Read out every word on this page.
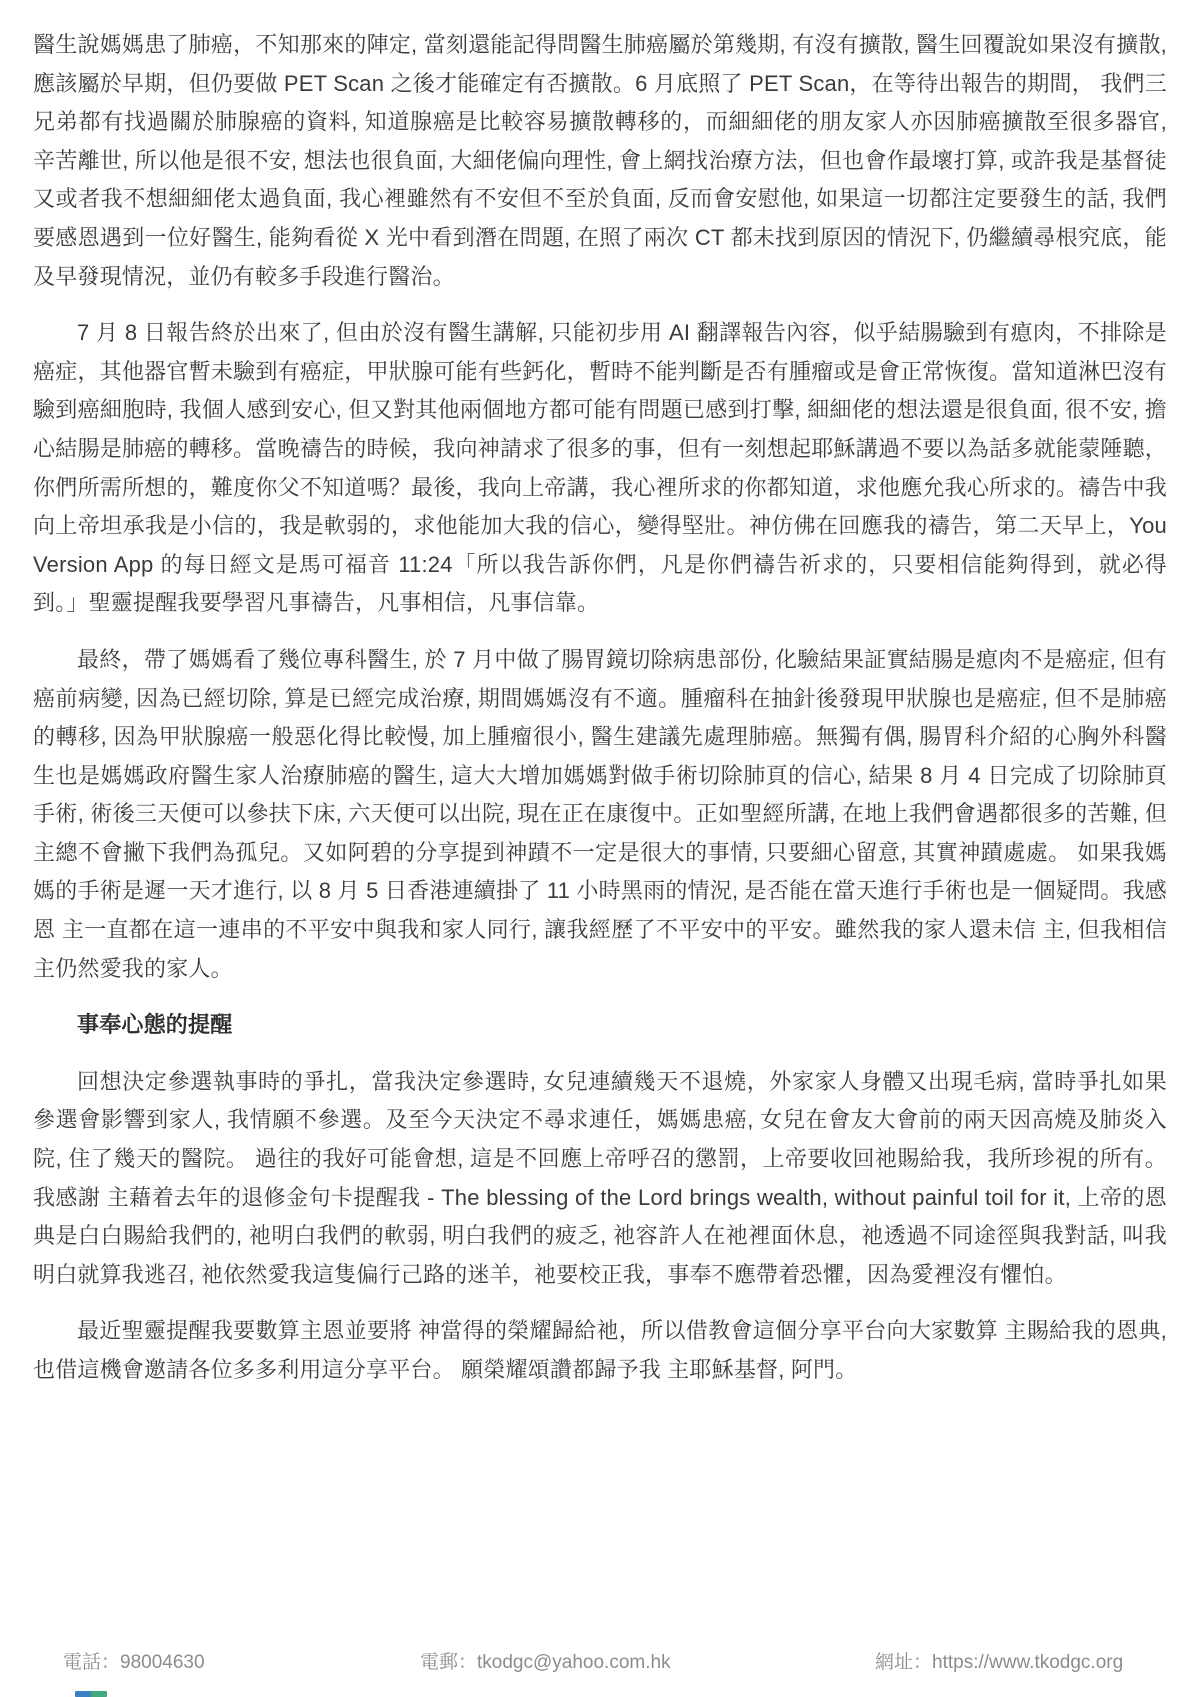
醫生說媽媽患了肺癌，不知那來的陣定, 當刻還能記得問醫生肺癌屬於第幾期, 有沒有擴散, 醫生回覆說如果沒有擴散, 應該屬於早期，但仍要做 PET Scan 之後才能確定有否擴散。6 月底照了 PET Scan，在等待出報告的期間， 我們三兄弟都有找過關於肺腺癌的資料, 知道腺癌是比較容易擴散轉移的，而細細佬的朋友家人亦因肺癌擴散至很多器官, 辛苦離世, 所以他是很不安, 想法也很負面, 大細佬偏向理性, 會上網找治療方法，但也會作最壞打算, 或許我是基督徒又或者我不想細細佬太過負面, 我心裡雖然有不安但不至於負面, 反而會安慰他, 如果這一切都注定要發生的話, 我們要感恩遇到一位好醫生, 能夠看從 X 光中看到潛在問題, 在照了兩次 CT 都未找到原因的情況下, 仍繼續尋根究底，能及早發現情況，並仍有較多手段進行醫治。

7 月 8 日報告終於出來了, 但由於沒有醫生講解, 只能初步用 AI 翻譯報告內容，似乎結腸驗到有瘜肉，不排除是癌症，其他器官暫未驗到有癌症，甲狀腺可能有些鈣化，暫時不能判斷是否有腫瘤或是會正常恢復。當知道淋巴沒有驗到癌細胞時, 我個人感到安心, 但又對其他兩個地方都可能有問題已感到打擊, 細細佬的想法還是很負面, 很不安, 擔心結腸是肺癌的轉移。當晚禱告的時候，我向神請求了很多的事，但有一刻想起耶穌講過不要以為話多就能蒙陲聽，你們所需所想的，難度你父不知道嗎？最後，我向上帝講，我心裡所求的你都知道，求他應允我心所求的。禱告中我向上帝坦承我是小信的，我是軟弱的，求他能加大我的信心，變得堅壯。神仿佛在回應我的禱告，第二天早上，You Version App 的每日經文是馬可福音 11:24「所以我告訴你們，凡是你們禱告祈求的，只要相信能夠得到，就必得到。」聖靈提醒我要學習凡事禱告，凡事相信，凡事信靠。

最終，帶了媽媽看了幾位專科醫生, 於 7 月中做了腸胃鏡切除病患部份, 化驗結果証實結腸是瘜肉不是癌症, 但有癌前病變, 因為已經切除, 算是已經完成治療, 期間媽媽沒有不適。腫瘤科在抽針後發現甲狀腺也是癌症, 但不是肺癌的轉移, 因為甲狀腺癌一般惡化得比較慢, 加上腫瘤很小, 醫生建議先處理肺癌。無獨有偶, 腸胃科介紹的心胸外科醫生也是媽媽政府醫生家人治療肺癌的醫生, 這大大增加媽媽對做手術切除肺頁的信心, 結果 8 月 4 日完成了切除肺頁手術, 術後三天便可以參扶下床, 六天便可以出院, 現在正在康復中。正如聖經所講, 在地上我們會遇都很多的苦難, 但 主總不會撇下我們為孤兒。又如阿碧的分享提到神蹟不一定是很大的事情, 只要細心留意, 其實神蹟處處。 如果我媽媽的手術是遲一天才進行, 以 8 月 5 日香港連續掛了 11 小時黑雨的情況, 是否能在當天進行手術也是一個疑問。我感恩 主一直都在這一連串的不平安中與我和家人同行, 讓我經歷了不平安中的平安。雖然我的家人還未信 主, 但我相信 主仍然愛我的家人。

事奉心態的提醒

回想決定參選執事時的爭扎，當我決定參選時, 女兒連續幾天不退燒，外家家人身體又出現毛病, 當時爭扎如果參選會影響到家人, 我情願不參選。及至今天決定不尋求連任，媽媽患癌, 女兒在會友大會前的兩天因高燒及肺炎入院, 住了幾天的醫院。 過往的我好可能會想, 這是不回應上帝呼召的懲罰，上帝要收回祂賜給我，我所珍視的所有。我感謝 主藉着去年的退修金句卡提醒我 - The blessing of the Lord brings wealth, without painful toil for it, 上帝的恩典是白白賜給我們的, 祂明白我們的軟弱, 明白我們的疲乏, 祂容許人在祂裡面休息，祂透過不同途徑與我對話, 叫我明白就算我逃召, 祂依然愛我這隻偏行己路的迷羊，祂要校正我，事奉不應帶着恐懼，因為愛裡沒有懼怕。

最近聖靈提醒我要數算主恩並要將 神當得的榮耀歸給祂，所以借教會這個分享平台向大家數算 主賜給我的恩典, 也借這機會邀請各位多多利用這分享平台。 願榮耀頌讚都歸予我 主耶穌基督, 阿門。

電話：98004630	電郵：tkodgc@yahoo.com.hk	網址：https://www.tkodgc.org
